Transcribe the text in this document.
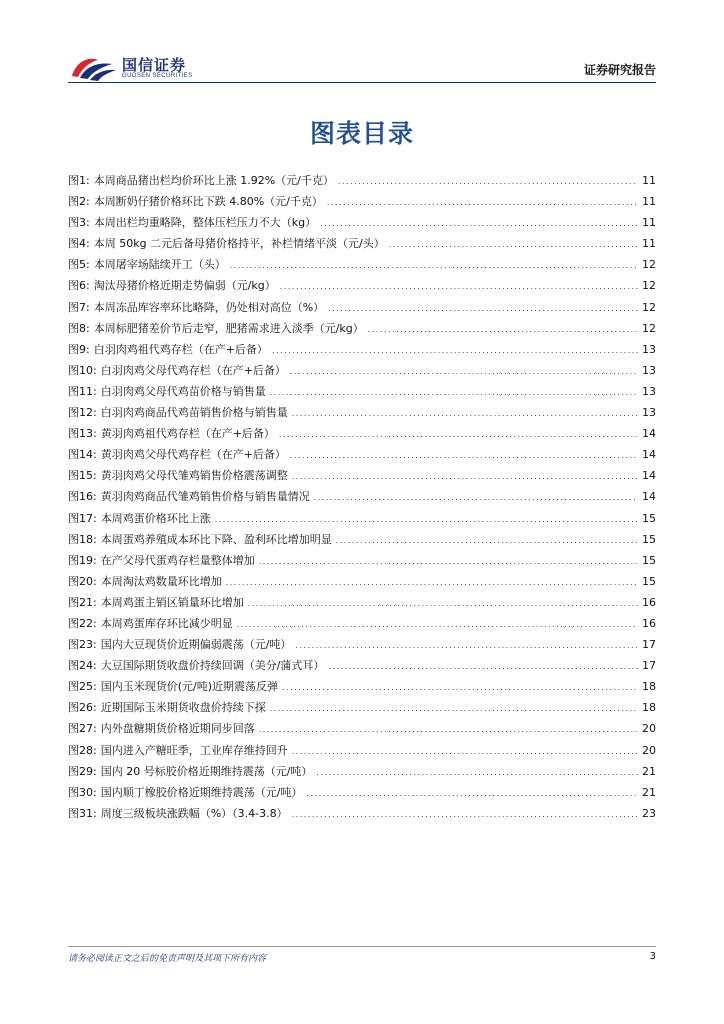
国信证券
GUOSEN SECURITIES	证券研究报告
图表目录
图1: 本周商品猪出栏均价环比上涨 1.92%（元/千克） .....	11
图2: 本周断奶仔猪价格环比下跌 4.80%（元/千克） .....	11
图3: 本周出栏均重略降，整体压栏压力不大（kg） .....	11
图4: 本周 50kg 二元后备母猪价格持平，补栏情绪平淡（元/头） .....	11
图5: 本周屠宰场陆续开工（头） .....	12
图6: 淘汰母猪价格近期走势偏弱（元/kg） .....	12
图7: 本周冻品库容率环比略降，仍处相对高位（%） .....	12
图8: 本周标肥猪差价节后走窄，肥猪需求进入淡季（元/kg） .....	12
图9: 白羽肉鸡祖代鸡存栏（在产+后备） .....	13
图10: 白羽肉鸡父母代鸡存栏（在产+后备） .....	13
图11: 白羽肉鸡父母代鸡苗价格与销售量 .....	13
图12: 白羽肉鸡商品代鸡苗销售价格与销售量 .....	13
图13: 黄羽肉鸡祖代鸡存栏（在产+后备） .....	14
图14: 黄羽肉鸡父母代鸡存栏（在产+后备） .....	14
图15: 黄羽肉鸡父母代雏鸡销售价格震荡调整 .....	14
图16: 黄羽肉鸡商品代雏鸡销售价格与销售量情况 .....	14
图17: 本周鸡蛋价格环比上涨 .....	15
图18: 本周蛋鸡养殖成本环比下降、盈利环比增加明显 .....	15
图19: 在产父母代蛋鸡存栏量整体增加 .....	15
图20: 本周淘汰鸡数量环比增加 .....	15
图21: 本周鸡蛋主销区销量环比增加 .....	16
图22: 本周鸡蛋库存环比减少明显 .....	16
图23: 国内大豆现货价近期偏弱震荡（元/吨） .....	17
图24: 大豆国际期货收盘价持续回调（美分/蒲式耳） .....	17
图25: 国内玉米现货价(元/吨)近期震荡反弹 .....	18
图26: 近期国际玉米期货收盘价持续下探 .....	18
图27: 内外盘糖期货价格近期同步回落 .....	20
图28: 国内进入产糖旺季，工业库存维持回升 .....	20
图29: 国内 20 号标胶价格近期维持震荡（元/吨） .....	21
图30: 国内顺丁橡胶价格近期维持震荡（元/吨） .....	21
图31: 周度三级板块涨跌幅（%）（3.4-3.8） .....	23
请务必阅读正文之后的免责声明及其项下所有内容	3
